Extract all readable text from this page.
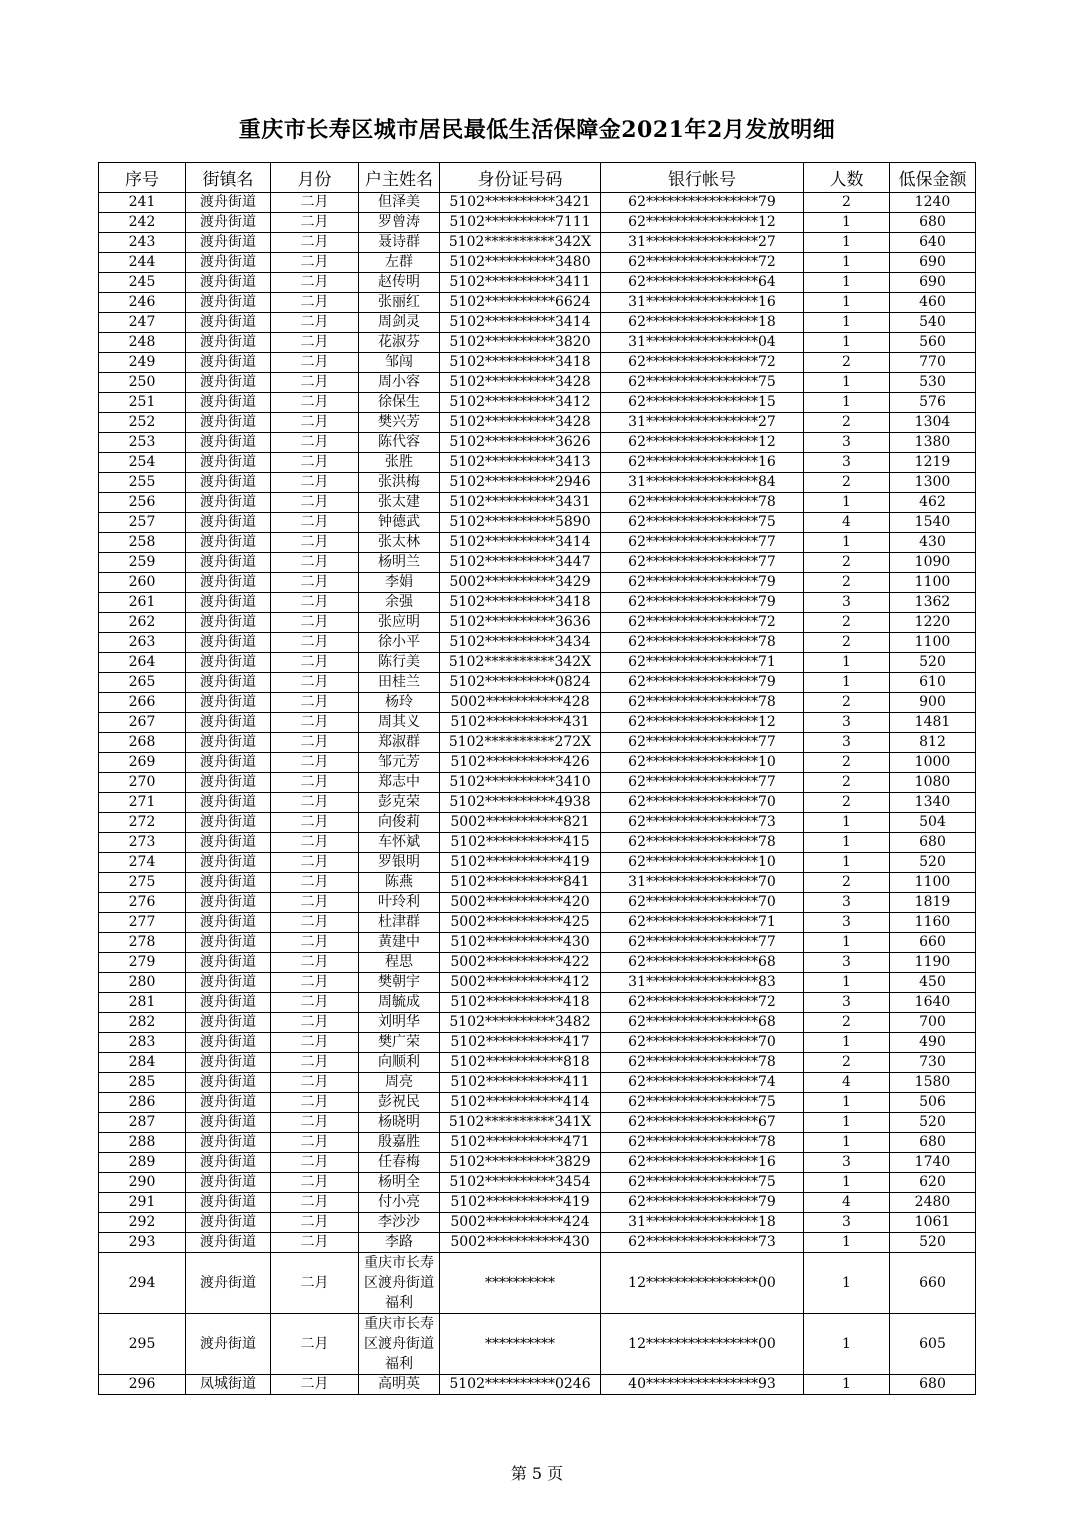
重庆市长寿区城市居民最低生活保障金2021年2月发放明细
序号	街镇名	月份	户主姓名	身份证号码	银行帐号	人数	低保金额
241	渡舟街道	二月	但泽美	5102**********3421	62****************79	2	1240
242	渡舟街道	二月	罗曾涛	5102**********7111	62****************12	1	680
243	渡舟街道	二月	聂诗群	5102**********342X	31****************27	1	640
244	渡舟街道	二月	左群	5102**********3480	62****************72	1	690
245	渡舟街道	二月	赵传明	5102**********3411	62****************64	1	690
246	渡舟街道	二月	张丽红	5102**********6624	31****************16	1	460
247	渡舟街道	二月	周剑灵	5102**********3414	62****************18	1	540
248	渡舟街道	二月	花淑芬	5102**********3820	31****************04	1	560
249	渡舟街道	二月	邹闯	5102**********3418	62****************72	2	770
250	渡舟街道	二月	周小容	5102**********3428	62****************75	1	530
251	渡舟街道	二月	徐保生	5102**********3412	62****************15	1	576
252	渡舟街道	二月	樊兴芳	5102**********3428	31****************27	2	1304
253	渡舟街道	二月	陈代容	5102**********3626	62****************12	3	1380
254	渡舟街道	二月	张胜	5102**********3413	62****************16	3	1219
255	渡舟街道	二月	张洪梅	5102**********2946	31****************84	2	1300
256	渡舟街道	二月	张太建	5102**********3431	62****************78	1	462
257	渡舟街道	二月	钟德武	5102**********5890	62****************75	4	1540
258	渡舟街道	二月	张太林	5102**********3414	62****************77	1	430
259	渡舟街道	二月	杨明兰	5102**********3447	62****************77	2	1090
260	渡舟街道	二月	李娟	5002**********3429	62****************79	2	1100
261	渡舟街道	二月	余强	5102**********3418	62****************79	3	1362
262	渡舟街道	二月	张应明	5102**********3636	62****************72	2	1220
263	渡舟街道	二月	徐小平	5102**********3434	62****************78	2	1100
264	渡舟街道	二月	陈行美	5102**********342X	62****************71	1	520
265	渡舟街道	二月	田桂兰	5102**********0824	62****************79	1	610
266	渡舟街道	二月	杨玲	5002***********428	62****************78	2	900
267	渡舟街道	二月	周其义	5102***********431	62****************12	3	1481
268	渡舟街道	二月	郑淑群	5102**********272X	62****************77	3	812
269	渡舟街道	二月	邹元芳	5102***********426	62****************10	2	1000
270	渡舟街道	二月	郑志中	5102**********3410	62****************77	2	1080
271	渡舟街道	二月	彭克荣	5102**********4938	62****************70	2	1340
272	渡舟街道	二月	向俊莉	5002***********821	62****************73	1	504
273	渡舟街道	二月	车怀斌	5102***********415	62****************78	1	680
274	渡舟街道	二月	罗银明	5102***********419	62****************10	1	520
275	渡舟街道	二月	陈燕	5102***********841	31****************70	2	1100
276	渡舟街道	二月	叶玲利	5002***********420	62****************70	3	1819
277	渡舟街道	二月	杜津群	5002***********425	62****************71	3	1160
278	渡舟街道	二月	黄建中	5102***********430	62****************77	1	660
279	渡舟街道	二月	程思	5002***********422	62****************68	3	1190
280	渡舟街道	二月	樊朝宇	5002***********412	31****************83	1	450
281	渡舟街道	二月	周毓成	5102***********418	62****************72	3	1640
282	渡舟街道	二月	刘明华	5102**********3482	62****************68	2	700
283	渡舟街道	二月	樊广荣	5102***********417	62****************70	1	490
284	渡舟街道	二月	向顺利	5102***********818	62****************78	2	730
285	渡舟街道	二月	周亮	5102***********411	62****************74	4	1580
286	渡舟街道	二月	彭祝民	5102***********414	62****************75	1	506
287	渡舟街道	二月	杨晓明	5102**********341X	62****************67	1	520
288	渡舟街道	二月	殷嘉胜	5102***********471	62****************78	1	680
289	渡舟街道	二月	任春梅	5102**********3829	62****************16	3	1740
290	渡舟街道	二月	杨明全	5102**********3454	62****************75	1	620
291	渡舟街道	二月	付小亮	5102***********419	62****************79	4	2480
292	渡舟街道	二月	李沙沙	5002***********424	31****************18	3	1061
293	渡舟街道	二月	李路	5002***********430	62****************73	1	520
294	渡舟街道	二月	重庆市长寿区渡舟街道福利	**********	12****************00	1	660
295	渡舟街道	二月	重庆市长寿区渡舟街道福利	**********	12****************00	1	605
296	凤城街道	二月	高明英	5102**********0246	40****************93	1	680
第 5 页
